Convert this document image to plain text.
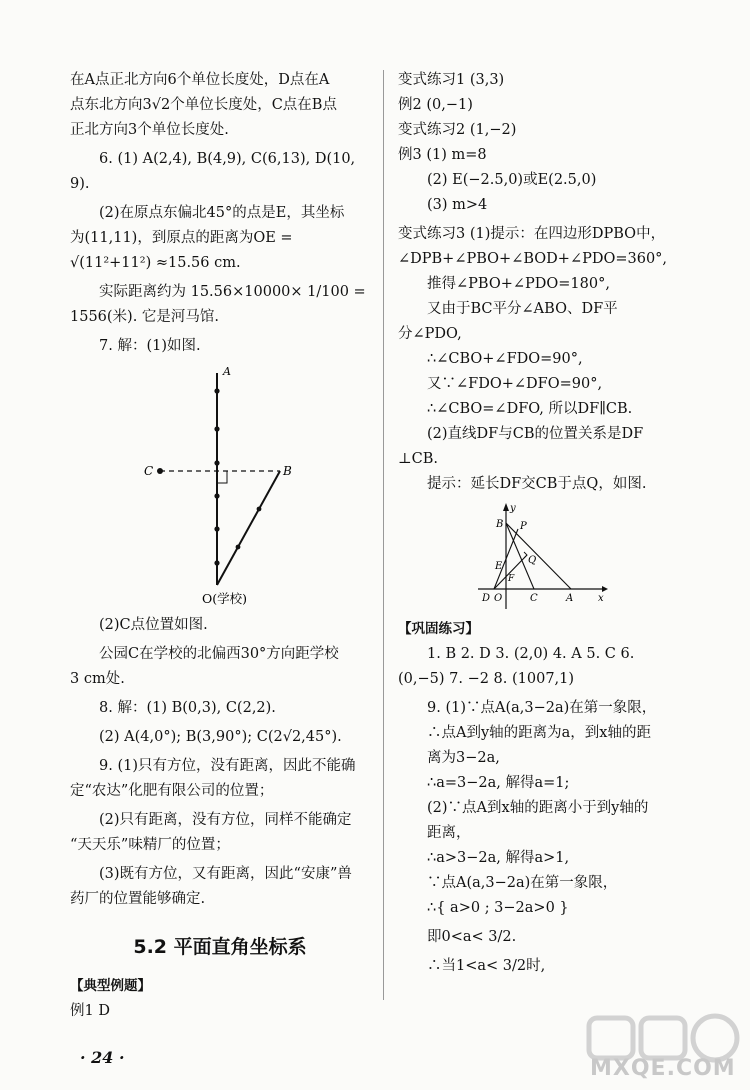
在A点正北方向6个单位长度处，D点在A

点东北方向3√2个单位长度处，C点在B点

正北方向3个单位长度处.

6. (1) A(2,4), B(4,9), C(6,13), D(10,

9).

(2)在原点东偏北45°的点是E，其坐标

为(11,11)，到原点的距离为OE =

√(11²+11²) ≈15.56 cm.

实际距离约为 15.56×10000× 1/100 =

1556(米). 它是河马馆.

7. 解：(1)如图.

A
B
C
O(学校)

(2)C点位置如图.

公园C在学校的北偏西30°方向距学校

3 cm处.

8. 解：(1) B(0,3), C(2,2).

(2) A(4,0°); B(3,90°); C(2√2,45°).

9. (1)只有方位，没有距离，因此不能确

定“农达”化肥有限公司的位置；

(2)只有距离，没有方位，同样不能确定

“天天乐”味精厂的位置；

(3)既有方位，又有距离，因此“安康”兽

药厂的位置能够确定.

5.2 平面直角坐标系

【典型例题】

例1 D

变式练习1 (3,3)

例2 (0,−1)

变式练习2 (1,−2)

例3 (1) m=8

(2) E(−2.5,0)或E(2.5,0)

(3) m>4

变式练习3 (1)提示：在四边形DPBO中，

∠DPB+∠PBO+∠BOD+∠PDO=360°,

推得∠PBO+∠PDO=180°,

又由于BC平分∠ABO、DF平

分∠PDO,

∴∠CBO+∠FDO=90°,

又∵∠FDO+∠DFO=90°,

∴∠CBO=∠DFO, 所以DF∥CB.

(2)直线DF与CB的位置关系是DF

⊥CB.

提示：延长DF交CB于点Q，如图.

B P
E
F
Q
D O	C	A x
y

【巩固练习】

1. B 2. D 3. (2,0) 4. A 5. C 6.

(0,−5) 7. −2 8. (1007,1)

9. (1)∵点A(a,3−2a)在第一象限，

∴点A到y轴的距离为a，到x轴的距

离为3−2a,

∴a=3−2a, 解得a=1;

(2)∵点A到x轴的距离小于到y轴的

距离，

∴a>3−2a, 解得a>1,

∵点A(a,3−2a)在第一象限，

∴{ a>0 ; 3−2a>0 }

即0<a< 3/2.

∴当1<a< 3/2时,

· 24 ·	MXQE.COM
